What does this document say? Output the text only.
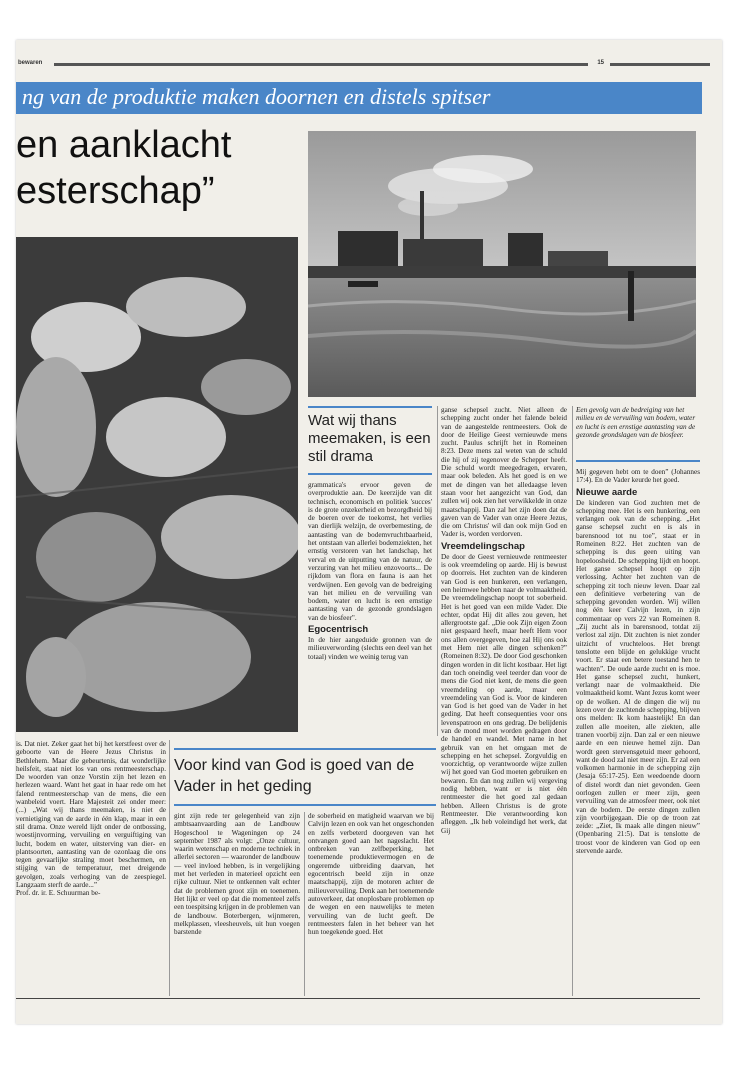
bewaren	15
ng van de produktie maken doornen en distels spitser
en aanklacht
esterschap”
Wat wij thans meemaken, is een stil drama

grammatica's ervoor geven de overproduktie aan. De keerzijde van dit technisch, economisch en politiek 'succes' is de grote onzekerheid en bezorgdheid bij de boeren over de toekomst, het verlies van dierlijk welzijn, de overbemesting, de aantasting van de bodemvruchtbaarheid, het ontstaan van allerlei bodemziekten, het ernstig verstoren van het landschap, het verval en de uitputting van de natuur, de verzuring van het milieu enzovoorts... De rijkdom van flora en fauna is aan het verdwijnen. Een gevolg van de bedreiging van het milieu en de vervuiling van bodem, water en lucht is een ernstige aantasting van de gezonde grondslagen van de biosfeer".

Egocentrisch

In de hier aangeduide gronnen van de milieuverwording (slechts een deel van het totaal) vinden we weinig terug van

ganse schepsel zucht. Niet alleen de schepping zucht onder het falende beleid van de aangestelde rentmeesters. Ook de door de Heilige Geest vernieuwde mens zucht. Paulus schrijft het in Romeinen 8:23. Deze mens zal weten van de schuld die hij of zij tegenover de Schepper heeft. Die schuld wordt meegedragen, ervaren, maar ook beleden. Als het goed is en we met de dingen van het alledaagse leven staan voor het aangezicht van God, dan zullen wij ook zien het verwikkelde in onze maatschappij. Dan zal het zijn doen dat de gaven van de Vader van onze Heere Jezus, die om Christus' wil dan ook mijn God en Vader is, worden verdorven.

Vreemdelingschap

De door de Geest vernieuwde rentmeester is ook vreemdeling op aarde. Hij is bewust op doorreis. Het zuchten van de kinderen van God is een hunkeren, een verlangen, een heimwee hebben naar de volmaaktheid. De vreemdelingschap noopt tot soberheid. Het is het goed van een milde Vader. Die echter, opdat Hij dit alles zou geven, het allergrootste gaf. „Die ook Zijn eigen Zoon niet gespaard heeft, maar heeft Hem voor ons allen overgegeven, hoe zal Hij ons ook met Hem niet alle dingen schenken?” (Romeinen 8:32). De door God geschonken dingen worden in dit licht kostbaar. Het ligt dan toch oneindig veel teerder dan voor de mens die God niet kent, de mens die geen vreemdeling op aarde, maar een vreemdeling van God is. Voor de kinderen van God is het goed van de Vader in het geding. Dat heeft consequenties voor ons levenspatroon en ons gedrag. De belijdenis van de mond moet worden gedragen door de handel en wandel. Met name in het gebruik van en het omgaan met de schepping en het schepsel. Zorgvuldig en voorzichtig, op verantwoorde wijze zullen wij het goed van God moeten gebruiken en bewaren. En dan nog zullen wij vergeving nodig hebben, want er is niet één rentmeester die het goed zal gedaan hebben. Alleen Christus is de grote Rentmeester. Die verantwoording kon afleggen. „Ik heb voleindigd het werk, dat Gij

Een gevolg van de bedreiging van het milieu en de vervuiling van bodem, water en lucht is een ernstige aantasting van de gezonde grondslagen van de biosfeer.

Mij gegeven hebt om te doen” (Johannes 17:4). En de Vader keurde het goed.

Nieuwe aarde

De kinderen van God zuchten met de schepping mee. Het is een hunkering, een verlangen ook van de schepping. „Het ganse schepsel zucht en is als in barensnood tot nu toe”, staat er in Romeinen 8:22. Het zuchten van de schepping is dus geen uiting van hopeloosheid. De schepping lijdt en hoopt. Het ganse schepsel hoopt op zijn verlossing. Achter het zuchten van de schepping zit toch nieuw leven. Daar zal een definitieve verbetering van de schepping gevonden worden. Wij willen nog één keer Calvijn lezen, in zijn commentaar op vers 22 van Romeinen 8. „Zij zucht als in barensnood, totdat zij verlost zal zijn. Dit zuchten is niet zonder uitzicht of vruchteloos. Het brengt tenslotte een blijde en gelukkige vrucht voort. Er staat een betere toestand hen te wachten”. De oude aarde zucht en is moe. Het ganse schepsel zucht, hunkert, verlangt naar de volmaaktheid. Die volmaaktheid komt. Want Jezus komt weer op de wolken. Al de dingen die wij nu lezen over de zuchtende schepping, blijven ons melden: Ik kom haastelijk! En dan zullen alle moeiten, alle ziekten, alle tranen voorbij zijn. Dan zal er een nieuwe aarde en een nieuwe hemel zijn. Dan wordt geen stervensgetuid meer gehoord, want de dood zal niet meer zijn. Er zal een volkomen harmonie in de schepping zijn (Jesaja 65:17-25). Een weedoende doorn of distel wordt dan niet gevonden. Geen oorlogen zullen er meer zijn, geen vervuiling van de atmosfeer meer, ook niet van de bodem. De eerste dingen zullen zijn voorbijgegaan. Die op de troon zat zeide: „Ziet, Ik maak alle dingen nieuw” (Openbaring 21:5). Dat is tenslotte de troost voor de kinderen van God op een stervende aarde.

is. Dat niet. Zeker gaat het bij het kerstfeest over de geboorte van de Heere Jezus Christus in Bethlehem. Maar die gebeurtenis, dat wonderlijke heilsfeit, staat niet los van ons rentmeesterschap. De woorden van onze Vorstin zijn het lezen en herlezen waard. Want het gaat in haar rede om het falend rentmeesterschap van de mens, die een wanbeleid voert. Hare Majesteit zei onder meer: (...) „Wat wij thans meemaken, is niet de vernietiging van de aarde in één klap, maar in een stil drama. Onze wereld lijdt onder de ontbossing, woestijnvorming, vervuiling en verguiftiging van lucht, bodem en water, uitsterving van dier- en plantsoorten, aantasting van de ozonlaag die ons tegen gevaarlijke straling moet beschermen, en stijging van de temperatuur, met dreigende gevolgen, zoals verhoging van de zeespiegel. Langzaam sterft de aarde...”

Prof. dr. ir. E. Schuurman be-

Voor kind van God is goed van de Vader in het geding

gint zijn rede ter gelegenheid van zijn ambtsaanvaarding aan de Landbouw Hogeschool te Wageningen op 24 september 1987 als volgt: „Onze cultuur, waarin wetenschap en moderne techniek in allerlei sectoren — waaronder de landbouw — veel invloed hebben, is in vergelijking met het verleden in materieel opzicht een rijke cultuur. Niet te ontkennen valt echter dat de problemen groot zijn en toenemen. Het lijkt er veel op dat die momenteel zelfs een toespitsing krijgen in de problemen van de landbouw. Boterbergen, wijnmeren, melkplassen, vleesheuvels, uit hun voegen barstende

de soberheid en matigheid waarvan we bij Calvijn lezen en ook van het ongeschonden en zelfs verbeterd doorgeven van het ontvangen goed aan het nageslacht. Het ontbreken van zelfbeperking, het toenemende produktievermogen en de ongeremde uitbreiding daarvan, het egocentrisch beeld zijn in onze maatschappij, zijn de motoren achter de milieuvervuiling. Denk aan het toenemende autoverkeer, dat onoplosbare problemen op de wegen en een nauwelijks te meten vervuiling van de lucht geeft. De rentmeesters falen in het beheer van het hun toegekende goed. Het
